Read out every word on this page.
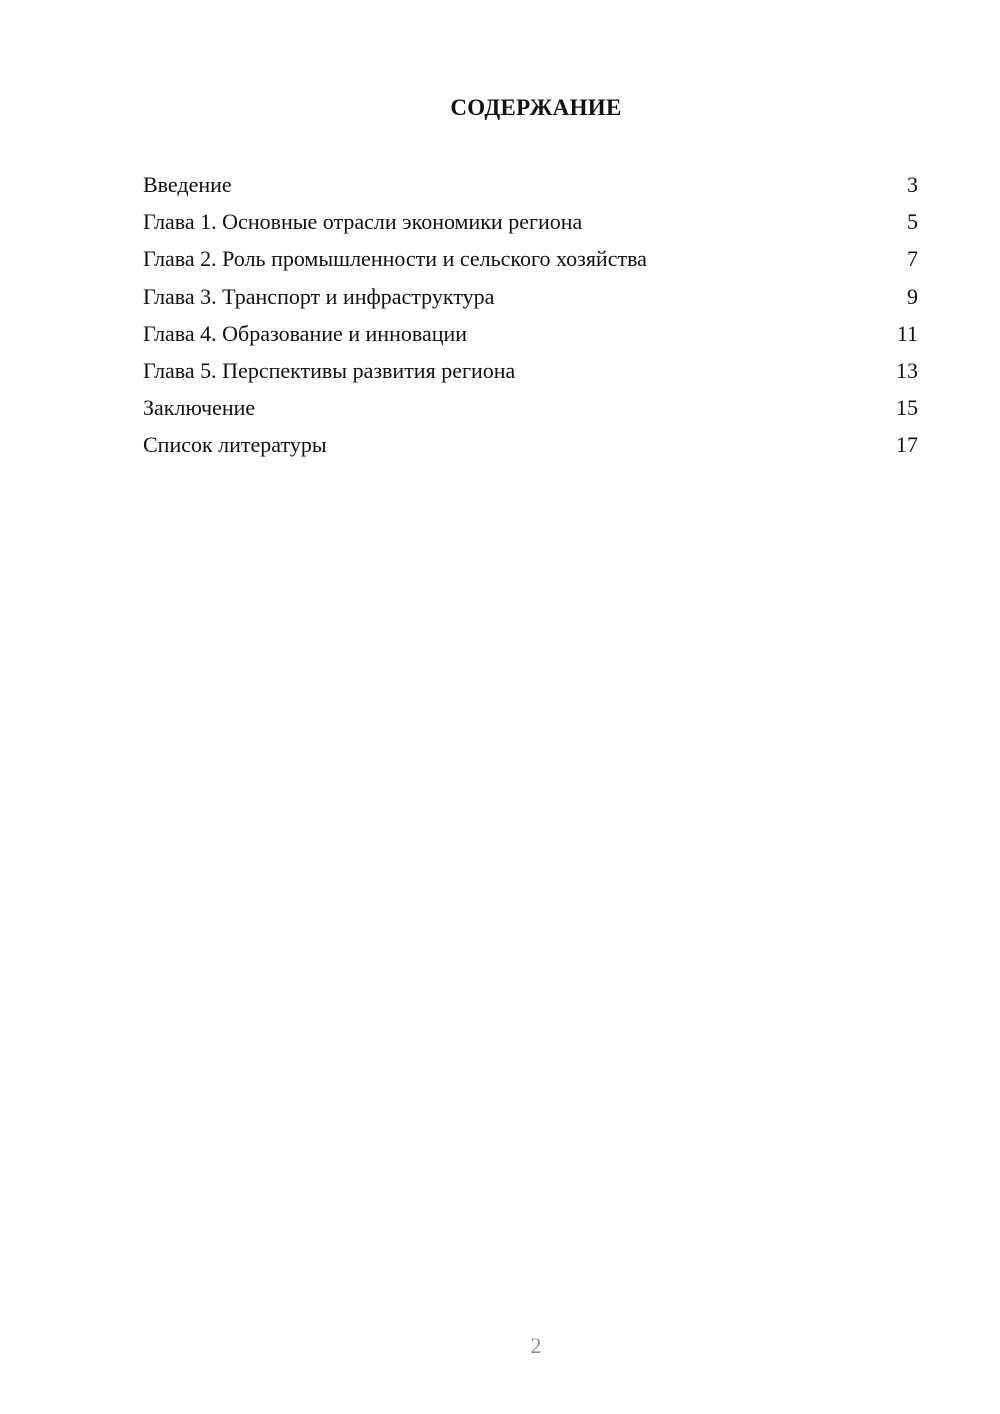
СОДЕРЖАНИЕ
Введение	3
Глава 1. Основные отрасли экономики региона	5
Глава 2. Роль промышленности и сельского хозяйства	7
Глава 3. Транспорт и инфраструктура	9
Глава 4. Образование и инновации	11
Глава 5. Перспективы развития региона	13
Заключение	15
Список литературы	17
2
